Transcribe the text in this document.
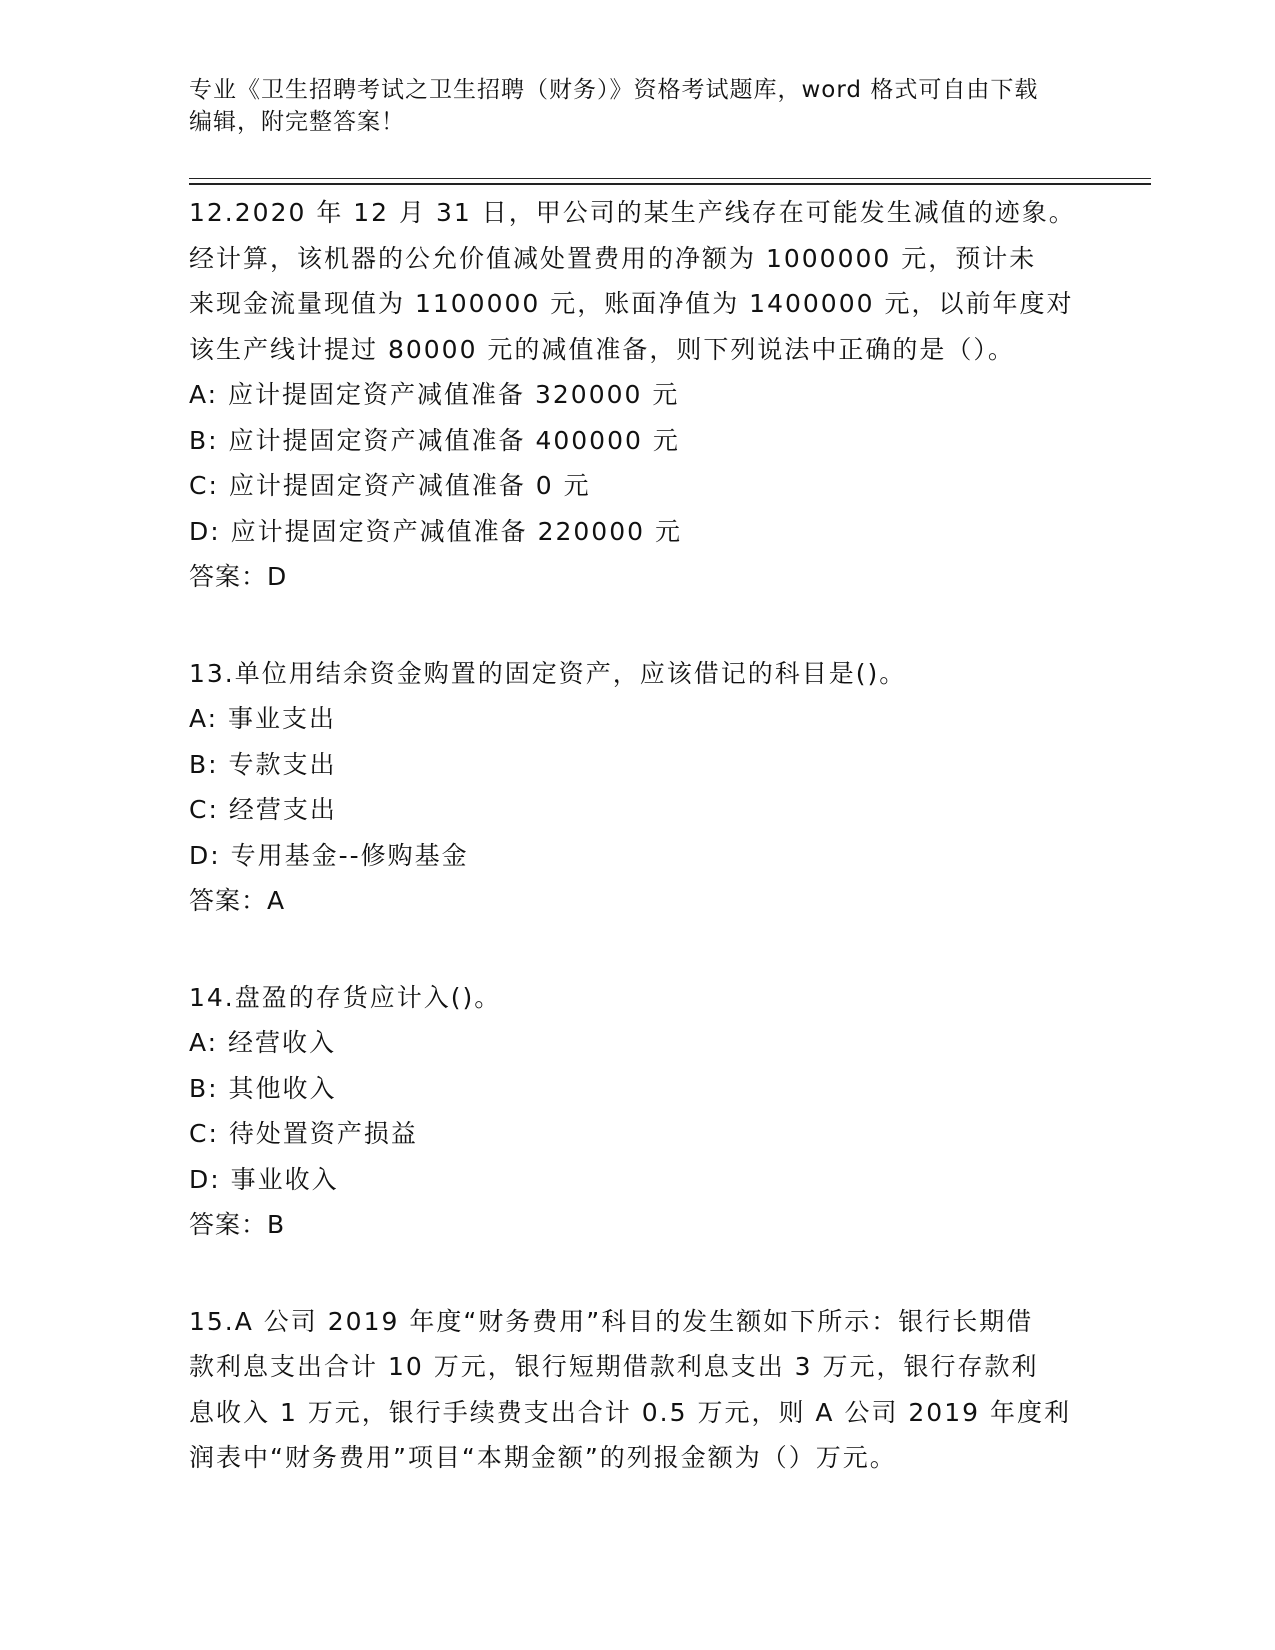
专业《卫生招聘考试之卫生招聘（财务）》资格考试题库，word 格式可自由下载
编辑，附完整答案！

12.2020 年 12 月 31 日，甲公司的某生产线存在可能发生减值的迹象。

经计算，该机器的公允价值减处置费用的净额为 1000000 元，预计未

来现金流量现值为 1100000 元，账面净值为 1400000 元，以前年度对

该生产线计提过 80000 元的减值准备，则下列说法中正确的是（）。

A: 应计提固定资产减值准备 320000 元

B: 应计提固定资产减值准备 400000 元

C: 应计提固定资产减值准备 0 元

D: 应计提固定资产减值准备 220000 元

答案：D

13.单位用结余资金购置的固定资产，应该借记的科目是()。

A: 事业支出

B: 专款支出

C: 经营支出

D: 专用基金--修购基金

答案：A

14.盘盈的存货应计入()。

A: 经营收入

B: 其他收入

C: 待处置资产损益

D: 事业收入

答案：B

15.A 公司 2019 年度“财务费用”科目的发生额如下所示：银行长期借

款利息支出合计 10 万元，银行短期借款利息支出 3 万元，银行存款利

息收入 1 万元，银行手续费支出合计 0.5 万元，则 A 公司 2019 年度利

润表中“财务费用”项目“本期金额”的列报金额为（）万元。
